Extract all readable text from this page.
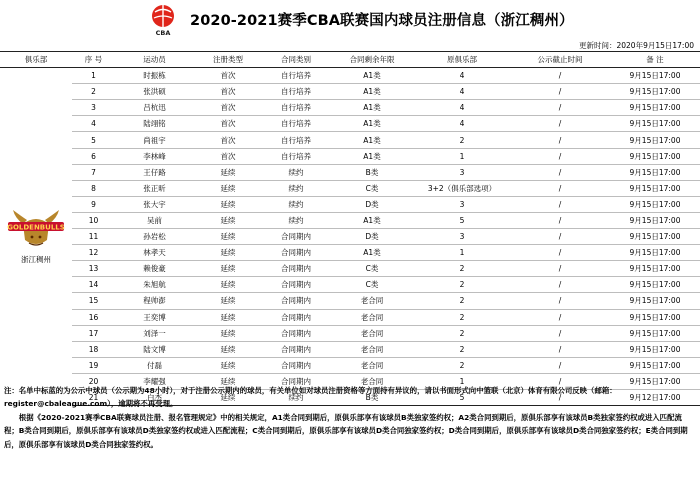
CBA
2020-2021赛季CBA联赛国内球员注册信息（浙江稠州）
更新时间：2020年9月15日17:00
俱乐部	序 号	运动员	注册类型	合同类别	合同剩余年限	原俱乐部	公示截止时间	备 注	

GOLDENBULLS
浙江稠州	1	时振栋	首次	自行培养	A1类	4	/	9月15日17:00	
	2	张洪硕	首次	自行培养	A1类	4	/	9月15日17:00	
	3	吕杭迅	首次	自行培养	A1类	4	/	9月15日17:00	
	4	陆翊铭	首次	自行培养	A1类	4	/	9月15日17:00	
	5	尚祖宇	首次	自行培养	A1类	2	/	9月15日17:00	
	6	李林峰	首次	自行培养	A1类	1	/	9月15日17:00	
	7	王仔路	延续	续约	B类	3	/	9月15日17:00	
	8	张正昕	延续	续约	C类	3+2（俱乐部选项）	/	9月15日17:00	
	9	张大宇	延续	续约	D类	3	/	9月15日17:00	
	10	吴前	延续	续约	A1类	5	/	9月15日17:00	
	11	孙岩松	延续	合同期内	D类	3	/	9月15日17:00	
	12	林孝天	延续	合同期内	A1类	1	/	9月15日17:00	
	13	赖俊豪	延续	合同期内	C类	2	/	9月15日17:00	
	14	朱旭航	延续	合同期内	C类	2	/	9月15日17:00	
	15	程帅澎	延续	合同期内	老合同	2	/	9月15日17:00	
	16	王奕博	延续	合同期内	老合同	2	/	9月15日17:00	
	17	刘泽一	延续	合同期内	老合同	2	/	9月15日17:00	
	18	陆文博	延续	合同期内	老合同	2	/	9月15日17:00	
	19	付磊	延续	合同期内	老合同	2	/	9月15日17:00	
	20	李耀强	延续	合同期内	老合同	1	/	9月15日17:00	
	21	白杰	延续	续约	B类	5	/	9月12日17:00	

注：名单中标蓝的为公示中球员（公示期为48小时），对于注册公示期内的球员，有关单位如对球员注册资格等方面持有异议的，请以书面形式向中篮联（北京）体育有限公司反映（邮箱：register@cbaleague.com），逾期将不再受理。

根据《2020-2021赛季CBA联赛球员注册、报名管理规定》中的相关规定，A1类合同到期后，原俱乐部享有该球员B类独家签约权；A2类合同到期后，原俱乐部享有该球员B类独家签约权或进入匹配流程；B类合同到期后，原俱乐部享有该球员D类独家签约权或进入匹配流程；C类合同到期后，原俱乐部享有该球员D类合同独家签约权；D类合同到期后，原俱乐部享有该球员D类合同独家签约权；E类合同到期后，原俱乐部享有该球员D类合同独家签约权。
